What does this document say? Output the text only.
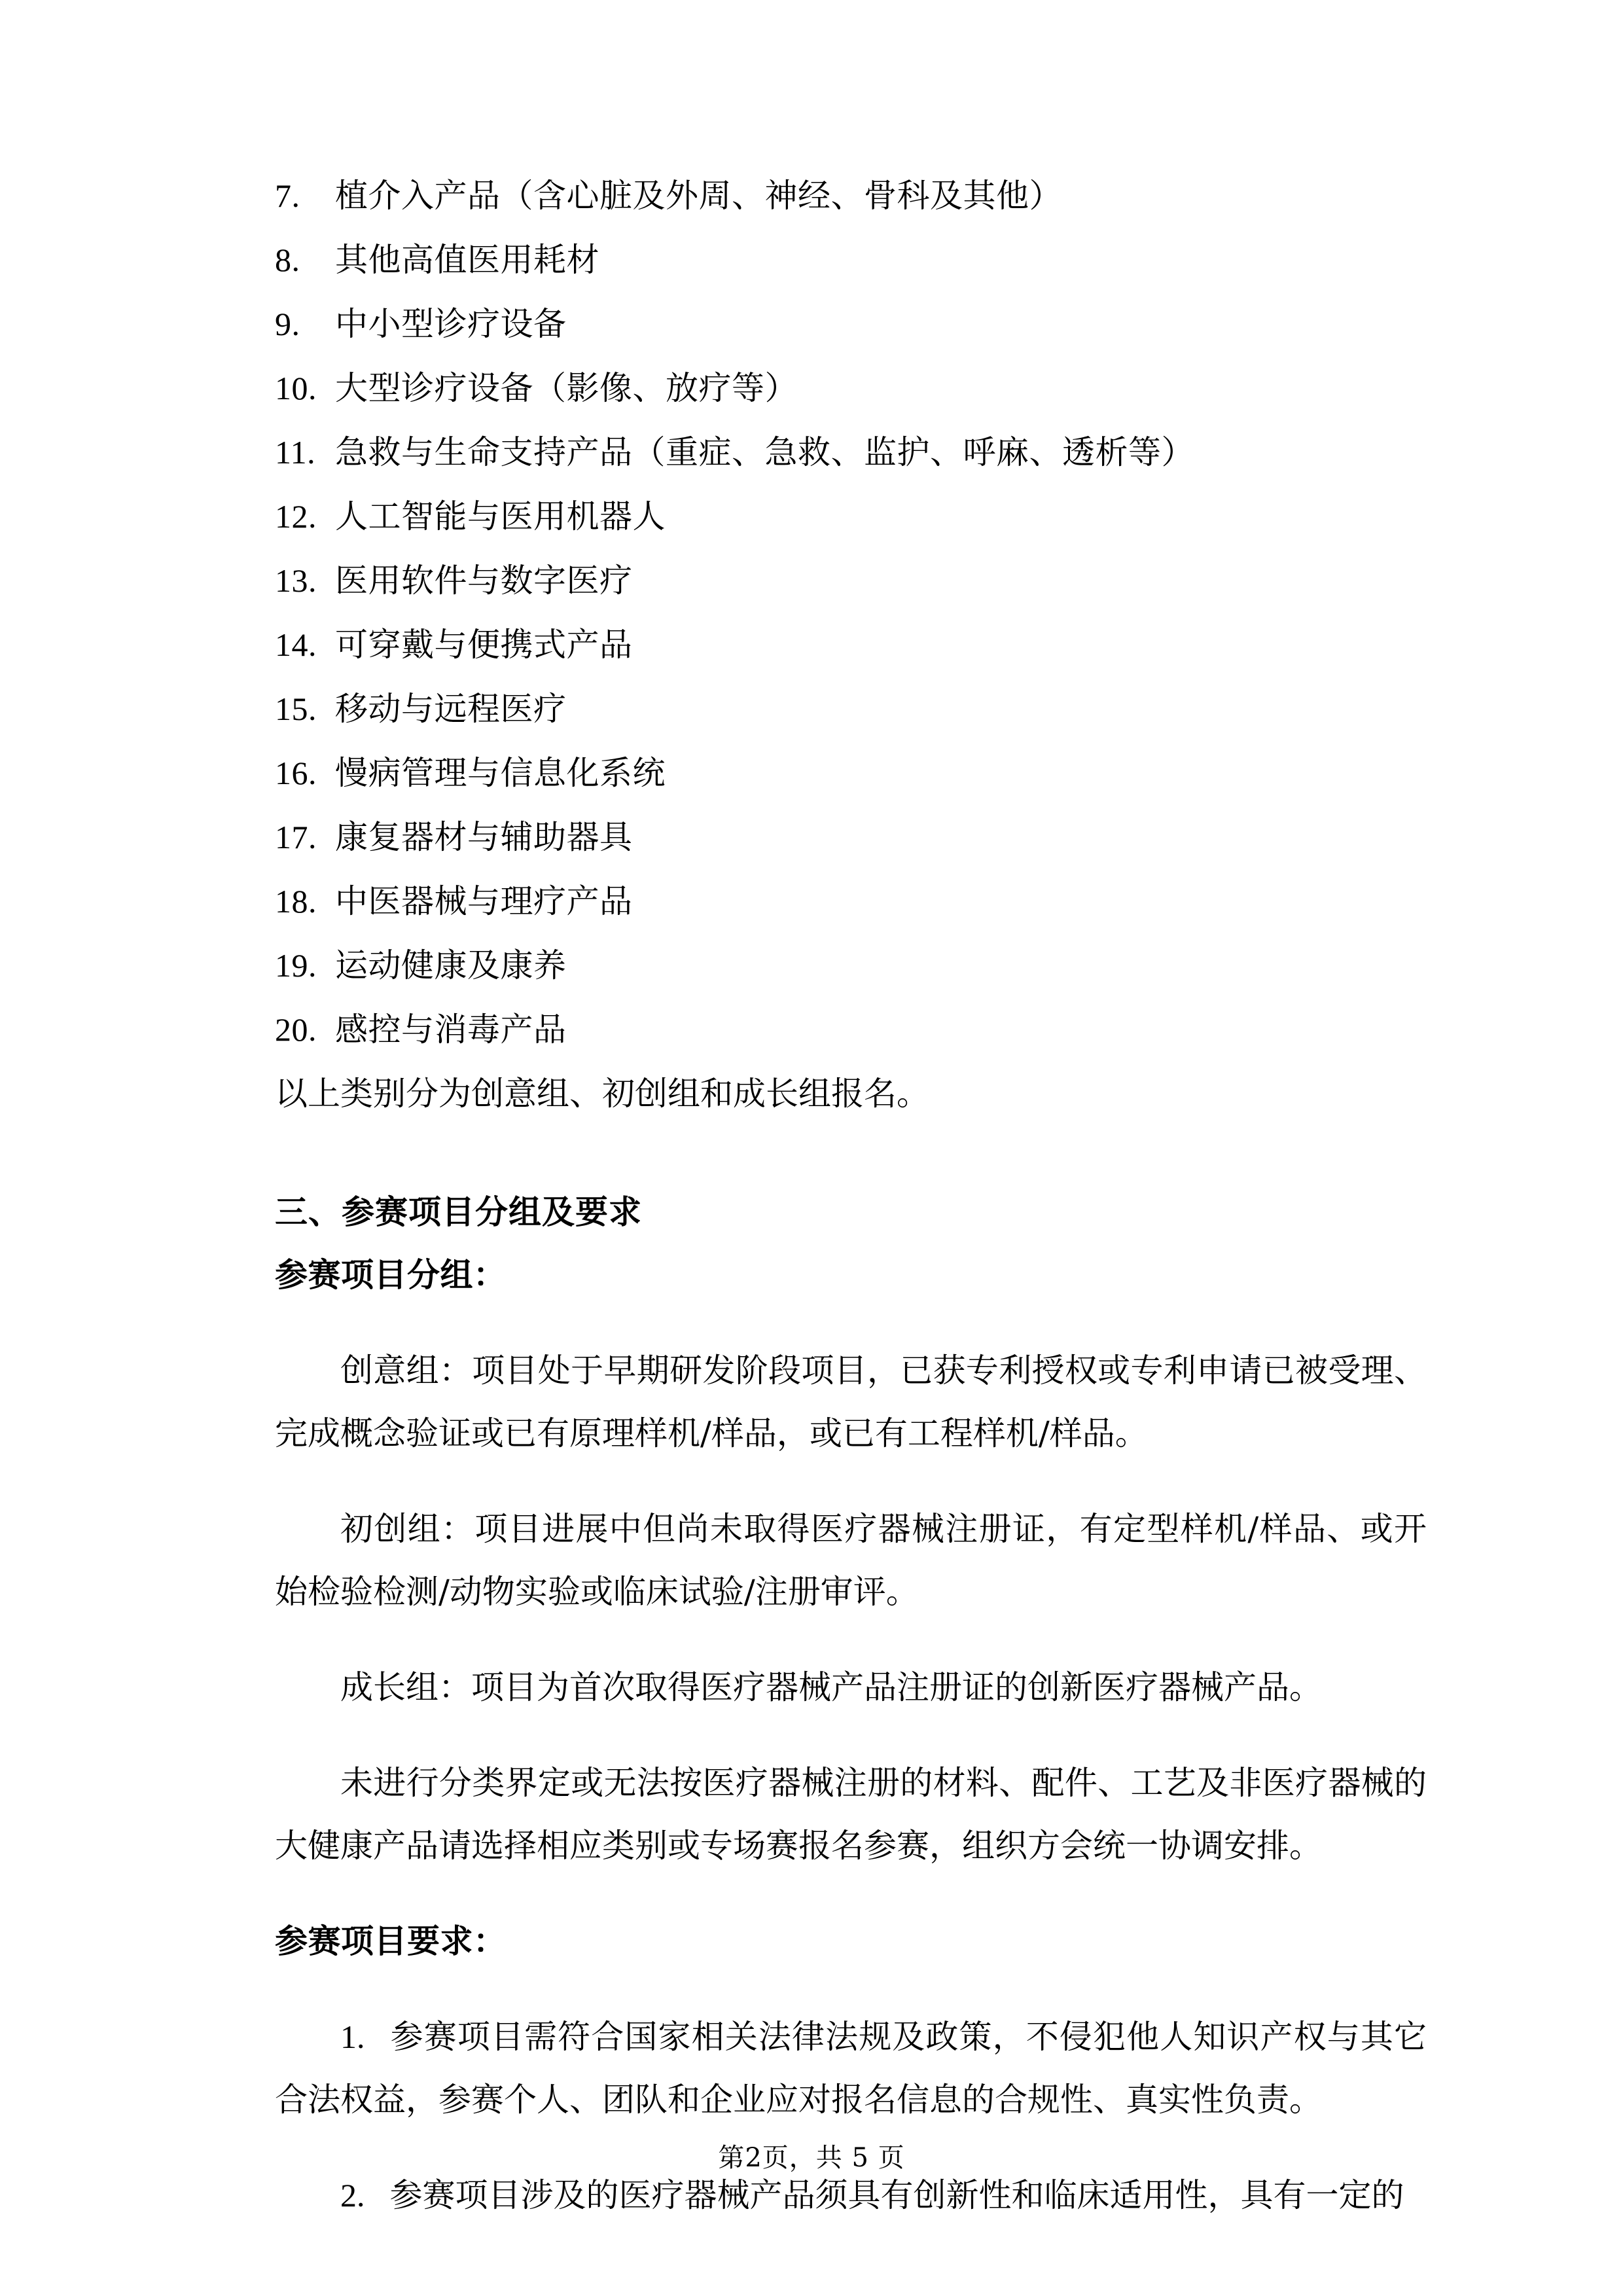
7.	植介入产品（含心脏及外周、神经、骨科及其他）
8.	其他高值医用耗材
9.	中小型诊疗设备
10. 大型诊疗设备（影像、放疗等）
11. 急救与生命支持产品（重症、急救、监护、呼麻、透析等）
12. 人工智能与医用机器人
13. 医用软件与数字医疗
14. 可穿戴与便携式产品
15. 移动与远程医疗
16. 慢病管理与信息化系统
17. 康复器材与辅助器具
18. 中医器械与理疗产品
19. 运动健康及康养
20. 感控与消毒产品
以上类别分为创意组、初创组和成长组报名。
三、参赛项目分组及要求
参赛项目分组：

创意组：项目处于早期研发阶段项目，已获专利授权或专利申请已被受理、完成概念验证或已有原理样机/样品，或已有工程样机/样品。

初创组：项目进展中但尚未取得医疗器械注册证，有定型样机/样品、或开始检验检测/动物实验或临床试验/注册审评。

成长组：项目为首次取得医疗器械产品注册证的创新医疗器械产品。

未进行分类界定或无法按医疗器械注册的材料、配件、工艺及非医疗器械的大健康产品请选择相应类别或专场赛报名参赛，组织方会统一协调安排。

参赛项目要求：

1. 参赛项目需符合国家相关法律法规及政策，不侵犯他人知识产权与其它合法权益，参赛个人、团队和企业应对报名信息的合规性、真实性负责。

2. 参赛项目涉及的医疗器械产品须具有创新性和临床适用性，具有一定的

第2页，共 5 页
